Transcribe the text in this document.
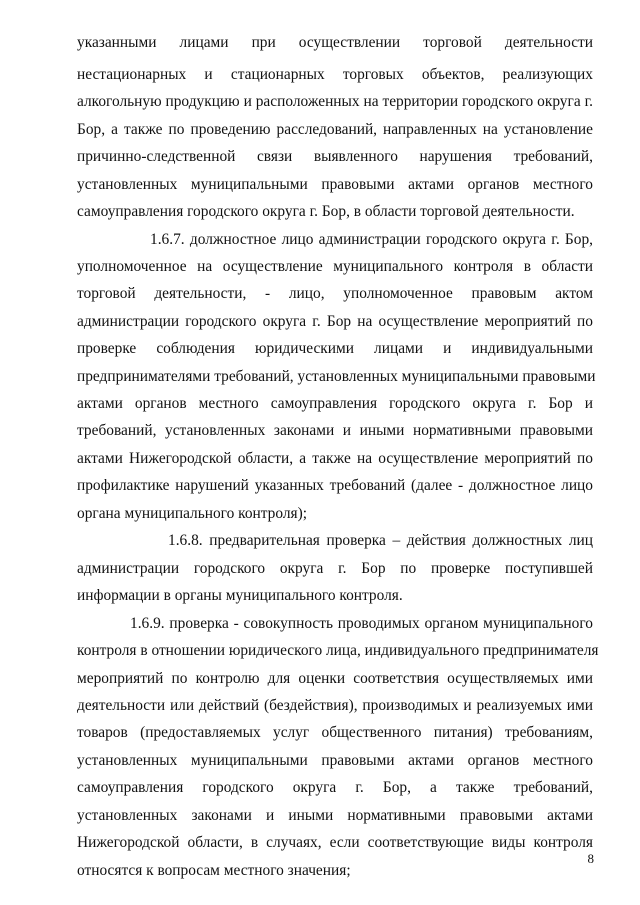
указанными лицами при осуществлении торговой деятельности
нестационарных и стационарных торговых объектов, реализующих
алкогольную продукцию и расположенных на территории городского округа г.
Бор, а также по проведению расследований, направленных на установление
причинно-следственной связи выявленного нарушения требований,
установленных муниципальными правовыми актами органов местного
самоуправления городского округа г. Бор, в области торговой деятельности.
1.6.7. должностное лицо администрации городского округа г. Бор,
уполномоченное на осуществление муниципального контроля в области
торговой деятельности, - лицо, уполномоченное правовым актом
администрации городского округа г. Бор на осуществление мероприятий по
проверке соблюдения юридическими лицами и индивидуальными
предпринимателями требований, установленных муниципальными правовыми
актами органов местного самоуправления городского округа г. Бор и
требований, установленных законами и иными нормативными правовыми
актами Нижегородской области, а также на осуществление мероприятий по
профилактике нарушений указанных требований (далее - должностное лицо
органа муниципального контроля);
1.6.8. предварительная проверка – действия должностных лиц
администрации городского округа г. Бор по проверке поступившей
информации в органы муниципального контроля.
1.6.9. проверка - совокупность проводимых органом муниципального
контроля в отношении юридического лица, индивидуального предпринимателя
мероприятий по контролю для оценки соответствия осуществляемых ими
деятельности или действий (бездействия), производимых и реализуемых ими
товаров (предоставляемых услуг общественного питания) требованиям,
установленных муниципальными правовыми актами органов местного
самоуправления городского округа г. Бор, а также требований,
установленных законами и иными нормативными правовыми актами
Нижегородской области, в случаях, если соответствующие виды контроля
относятся к вопросам местного значения;
8
